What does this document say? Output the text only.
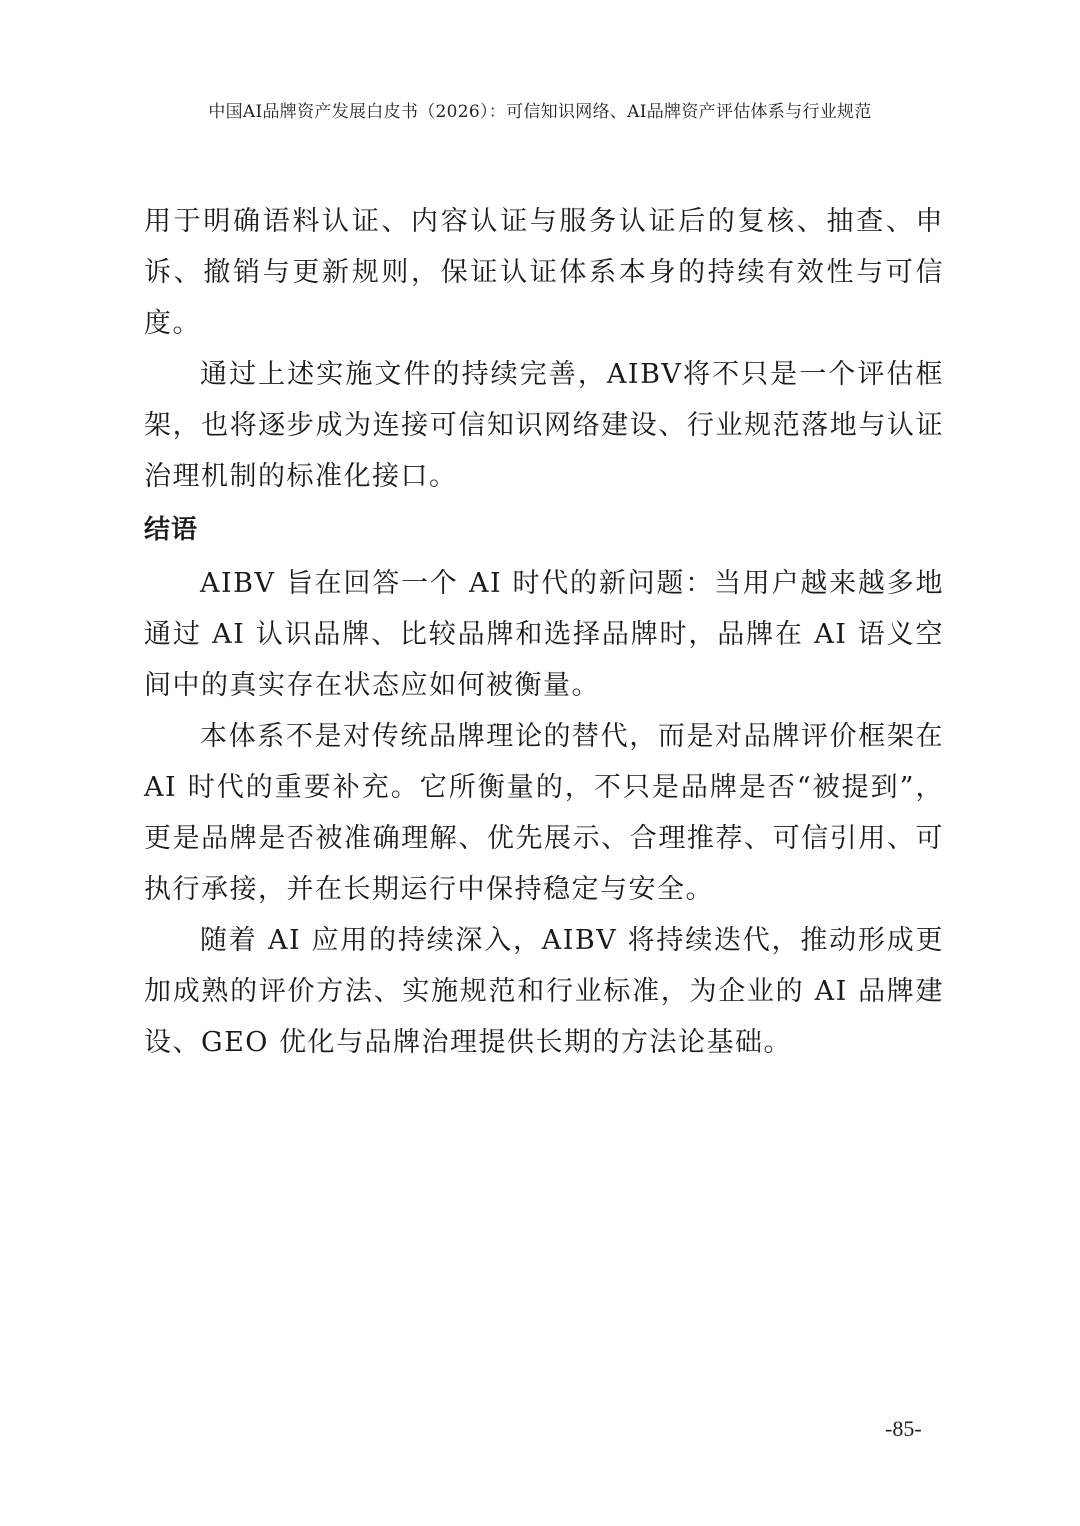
中国AI品牌资产发展白皮书（2026）：可信知识网络、AI品牌资产评估体系与行业规范

用于明确语料认证、内容认证与服务认证后的复核、抽查、申诉、撤销与更新规则，保证认证体系本身的持续有效性与可信度。

通过上述实施文件的持续完善，AIBV将不只是一个评估框架，也将逐步成为连接可信知识网络建设、行业规范落地与认证治理机制的标准化接口。

结语

AIBV 旨在回答一个 AI 时代的新问题：当用户越来越多地通过 AI 认识品牌、比较品牌和选择品牌时，品牌在 AI 语义空间中的真实存在状态应如何被衡量。

本体系不是对传统品牌理论的替代，而是对品牌评价框架在 AI 时代的重要补充。它所衡量的，不只是品牌是否“被提到”，更是品牌是否被准确理解、优先展示、合理推荐、可信引用、可执行承接，并在长期运行中保持稳定与安全。

随着 AI 应用的持续深入，AIBV 将持续迭代，推动形成更加成熟的评价方法、实施规范和行业标准，为企业的 AI 品牌建设、GEO 优化与品牌治理提供长期的方法论基础。

-85-
